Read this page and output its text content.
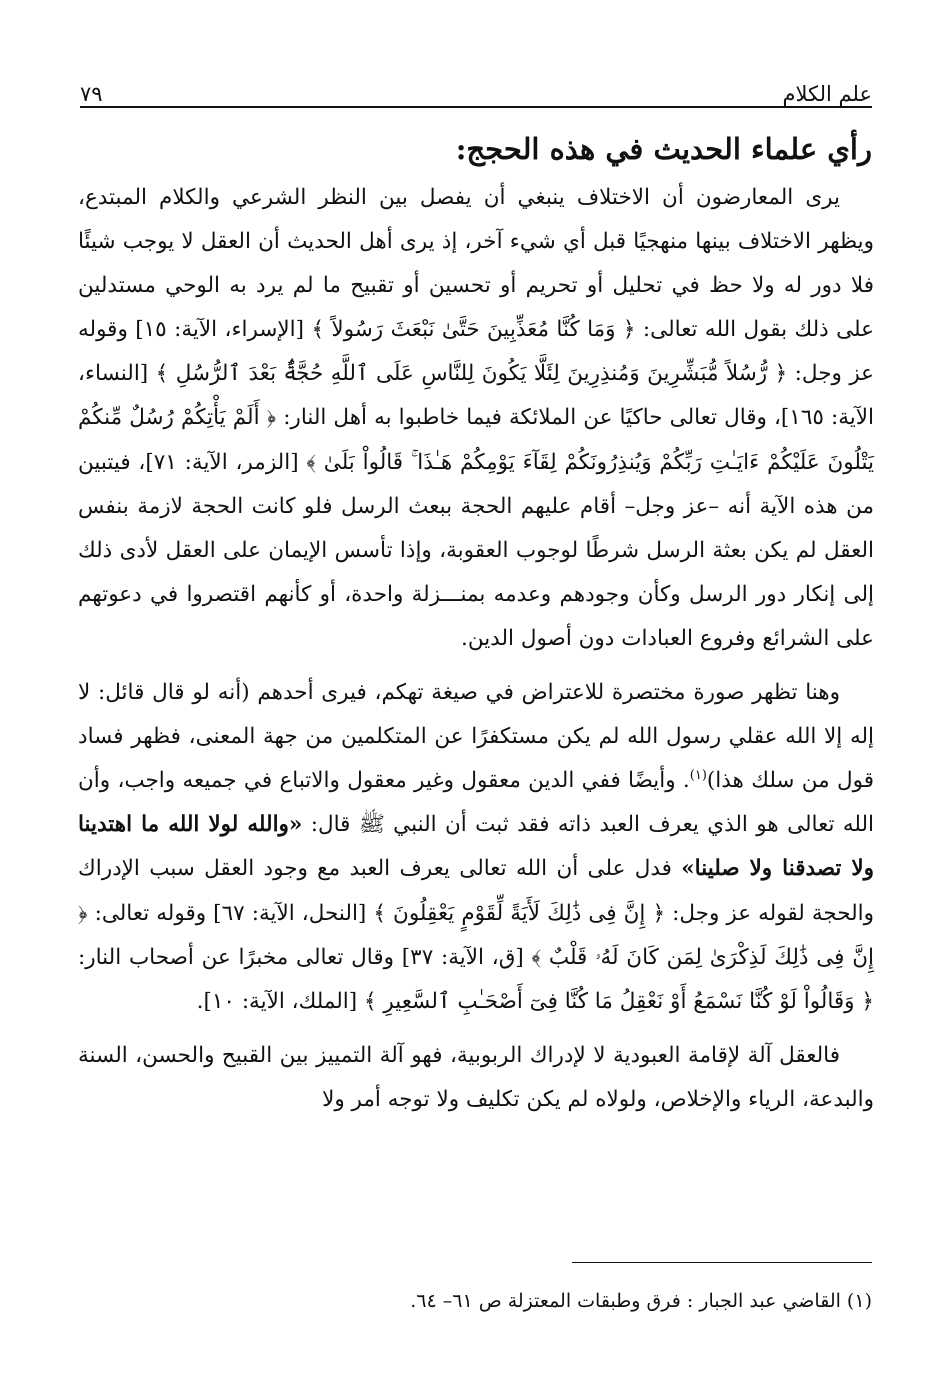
علم الكلام
٧٩
رأي علماء الحديث في هذه الحجج:

يرى المعارضون أن الاختلاف ينبغي أن يفصل بين النظر الشرعي والكلام المبتدع، ويظهر الاختلاف بينها منهجيًا قبل أي شيء آخر، إذ يرى أهل الحديث أن العقل لا يوجب شيئًا فلا دور له ولا حظ في تحليل أو تحريم أو تحسين أو تقبيح ما لم يرد به الوحي مستدلين على ذلك بقول الله تعالى: ﴿ وَمَا كُنَّا مُعَذِّبِينَ حَتَّىٰ نَبْعَثَ رَسُولاً ﴾ [الإسراء، الآية: ١٥] وقوله عز وجل: ﴿ رُّسُلاً مُّبَشِّرِينَ وَمُنذِرِينَ لِئَلَّا يَكُونَ لِلنَّاسِ عَلَى ٱللَّهِ حُجَّةٌۢ بَعْدَ ٱلرُّسُلِ ﴾ [النساء، الآية: ١٦٥]، وقال تعالى حاكيًا عن الملائكة فيما خاطبوا به أهل النار: ﴿ أَلَمْ يَأْتِكُمْ رُسُلٌ مِّنكُمْ يَتْلُونَ عَلَيْكُمْ ءَايَـٰتِ رَبِّكُمْ وَيُنذِرُونَكُمْ لِقَآءَ يَوْمِكُمْ هَـٰذَا ۚ قَالُواْ بَلَىٰ ﴾ [الزمر، الآية: ٧١]، فيتبين من هذه الآية أنه –عز وجل– أقام عليهم الحجة ببعث الرسل فلو كانت الحجة لازمة بنفس العقل لم يكن بعثة الرسل شرطًا لوجوب العقوبة، وإذا تأسس الإيمان على العقل لأدى ذلك إلى إنكار دور الرسل وكأن وجودهم وعدمه بمنـــزلة واحدة، أو كأنهم اقتصروا في دعوتهم على الشرائع وفروع العبادات دون أصول الدين.

وهنا تظهر صورة مختصرة للاعتراض في صيغة تهكم، فيرى أحدهم (أنه لو قال قائل: لا إله إلا الله عقلي رسول الله لم يكن مستكفرًا عن المتكلمين من جهة المعنى، فظهر فساد قول من سلك هذا)$^{(١)}$. وأيضًا ففي الدين معقول وغير معقول والاتباع في جميعه واجب، وأن الله تعالى هو الذي يعرف العبد ذاته فقد ثبت أن النبي ﷺ قال: «والله لولا الله ما اهتدينا ولا تصدقنا ولا صلينا» فدل على أن الله تعالى يعرف العبد مع وجود العقل سبب الإدراك والحجة لقوله عز وجل: ﴿ إِنَّ فِى ذَٰلِكَ لَأَيَةً لِّقَوْمٍ يَعْقِلُونَ ﴾ [النحل، الآية: ٦٧] وقوله تعالى: ﴿ إِنَّ فِى ذَٰلِكَ لَذِكْرَىٰ لِمَن كَانَ لَهُۥ قَلْبٌ ﴾ [ق، الآية: ٣٧] وقال تعالى مخبرًا عن أصحاب النار: ﴿ وَقَالُواْ لَوْ كُنَّا نَسْمَعُ أَوْ نَعْقِلُ مَا كُنَّا فِىٓ أَصْحَـٰبِ ٱلسَّعِيرِ ﴾ [الملك، الآية: ١٠].

فالعقل آلة لإقامة العبودية لا لإدراك الربوبية، فهو آلة التمييز بين القبيح والحسن، السنة والبدعة، الرياء والإخلاص، ولولاه لم يكن تكليف ولا توجه أمر ولا

(١) القاضي عبد الجبار : فرق وطبقات المعتزلة ص ٦١– ٦٤.
